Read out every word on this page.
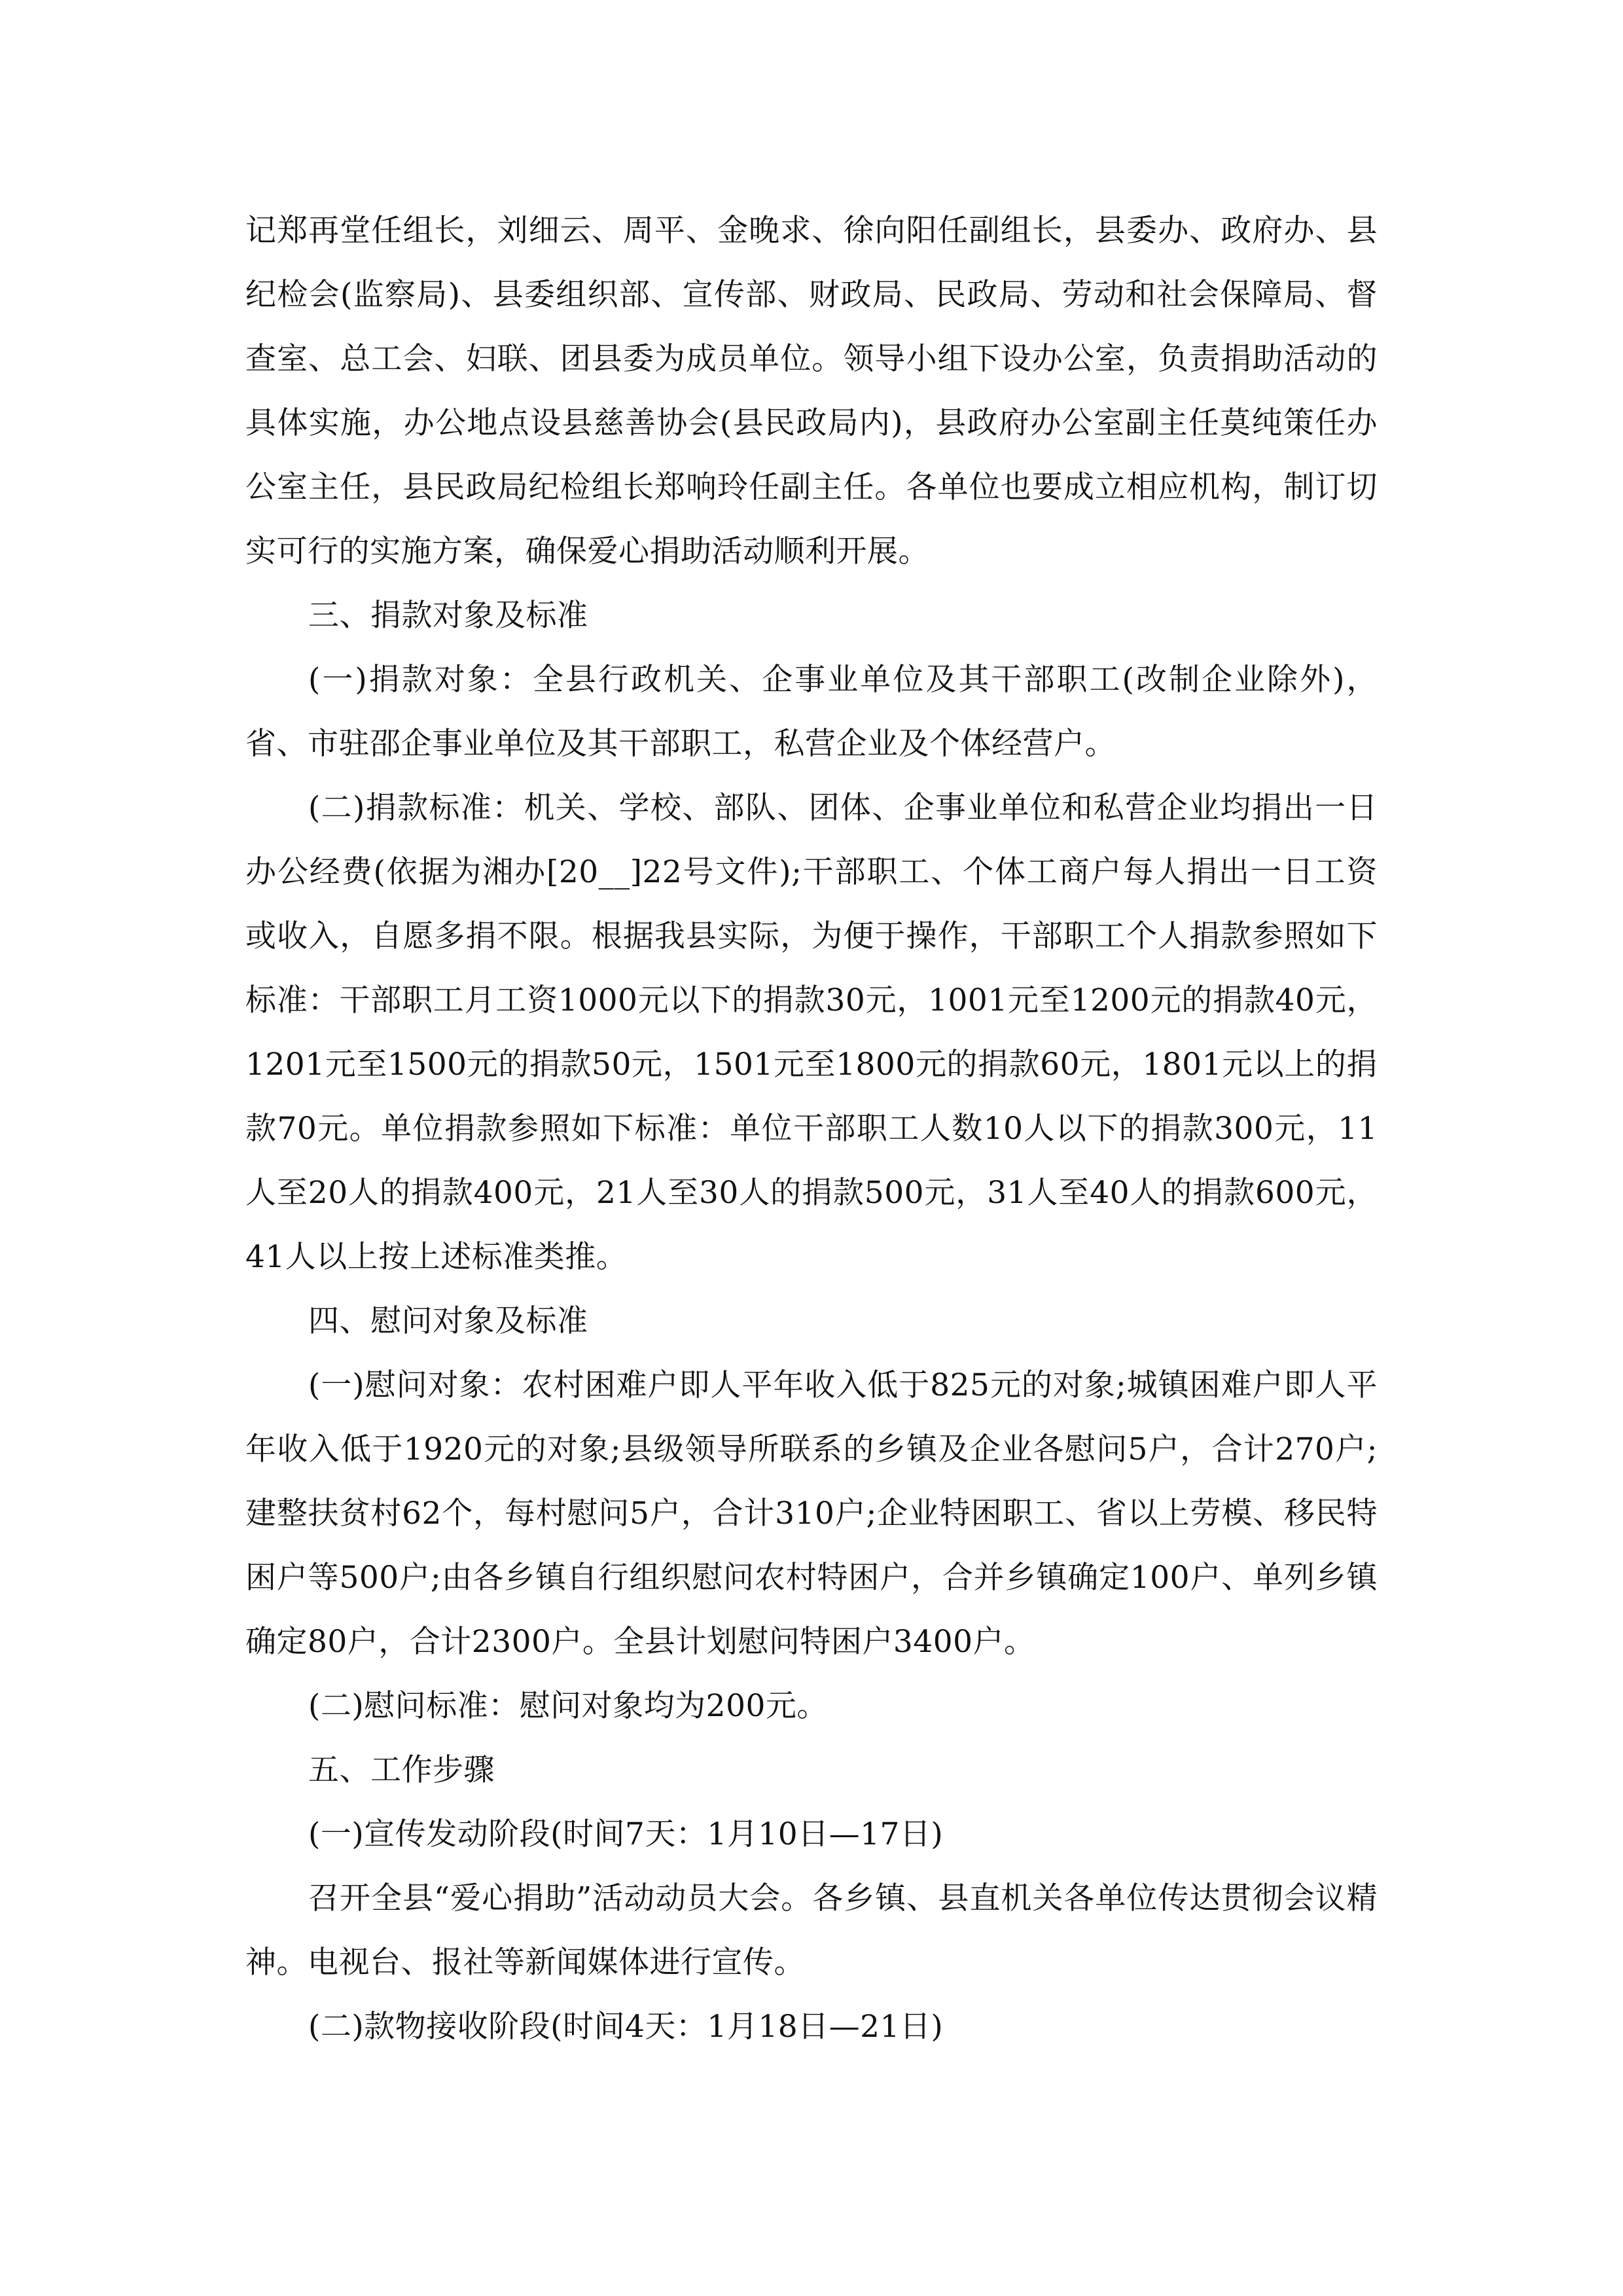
记郑再堂任组长，刘细云、周平、金晚求、徐向阳任副组长，县委办、政府办、县纪检会(监察局)、县委组织部、宣传部、财政局、民政局、劳动和社会保障局、督查室、总工会、妇联、团县委为成员单位。领导小组下设办公室，负责捐助活动的具体实施，办公地点设县慈善协会(县民政局内)，县政府办公室副主任莫纯策任办公室主任，县民政局纪检组长郑响玲任副主任。各单位也要成立相应机构，制订切实可行的实施方案，确保爱心捐助活动顺利开展。

三、捐款对象及标准

(一)捐款对象：全县行政机关、企事业单位及其干部职工(改制企业除外)，省、市驻邵企事业单位及其干部职工，私营企业及个体经营户。

(二)捐款标准：机关、学校、部队、团体、企事业单位和私营企业均捐出一日办公经费(依据为湘办[20__]22号文件);干部职工、个体工商户每人捐出一日工资或收入，自愿多捐不限。根据我县实际，为便于操作，干部职工个人捐款参照如下标准：干部职工月工资1000元以下的捐款30元，1001元至1200元的捐款40元，1201元至1500元的捐款50元，1501元至1800元的捐款60元，1801元以上的捐款70元。单位捐款参照如下标准：单位干部职工人数10人以下的捐款300元，11人至20人的捐款400元，21人至30人的捐款500元，31人至40人的捐款600元，41人以上按上述标准类推。

四、慰问对象及标准

(一)慰问对象：农村困难户即人平年收入低于825元的对象;城镇困难户即人平年收入低于1920元的对象;县级领导所联系的乡镇及企业各慰问5户，合计270户;建整扶贫村62个，每村慰问5户，合计310户;企业特困职工、省以上劳模、移民特困户等500户;由各乡镇自行组织慰问农村特困户，合并乡镇确定100户、单列乡镇确定80户，合计2300户。全县计划慰问特困户3400户。

(二)慰问标准：慰问对象均为200元。

五、工作步骤

(一)宣传发动阶段(时间7天：1月10日—17日)

召开全县“爱心捐助”活动动员大会。各乡镇、县直机关各单位传达贯彻会议精神。电视台、报社等新闻媒体进行宣传。

(二)款物接收阶段(时间4天：1月18日—21日)
